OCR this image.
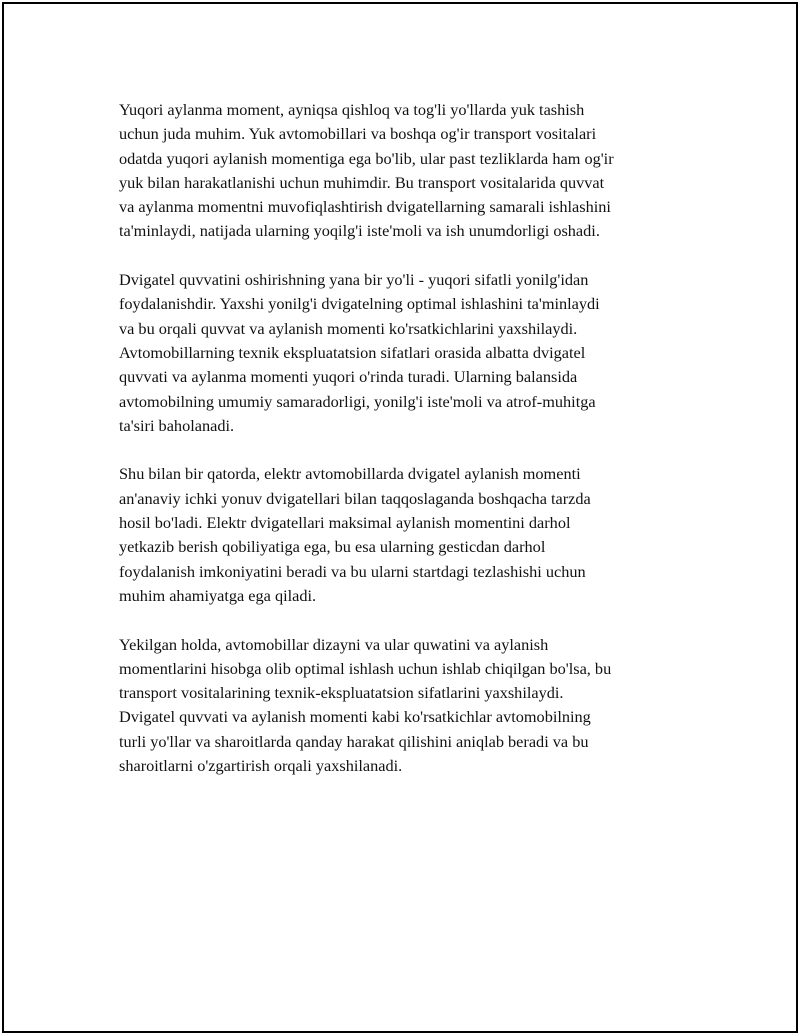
Yuqori aylanma moment, ayniqsa qishloq va tog'li yo'llarda yuk tashish
uchun juda muhim. Yuk avtomobillari va boshqa og'ir transport vositalari
odatda yuqori aylanish momentiga ega bo'lib, ular past tezliklarda ham og'ir
yuk bilan harakatlanishi uchun muhimdir. Bu transport vositalarida quvvat
va aylanma momentni muvofiqlashtirish dvigatellarning samarali ishlashini
ta'minlaydi, natijada ularning yoqilg'i iste'moli va ish unumdorligi oshadi.

Dvigatel quvvatini oshirishning yana bir yo'li - yuqori sifatli yonilg'idan
foydalanishdir. Yaxshi yonilg'i dvigatelning optimal ishlashini ta'minlaydi
va bu orqali quvvat va aylanish momenti ko'rsatkichlarini yaxshilaydi.
Avtomobillarning texnik ekspluatatsion sifatlari orasida albatta dvigatel
quvvati va aylanma momenti yuqori o'rinda turadi. Ularning balansida
avtomobilning umumiy samaradorligi, yonilg'i iste'moli va atrof-muhitga
ta'siri baholanadi.

Shu bilan bir qatorda, elektr avtomobillarda dvigatel aylanish momenti
an'anaviy ichki yonuv dvigatellari bilan taqqoslaganda boshqacha tarzda
hosil bo'ladi. Elektr dvigatellari maksimal aylanish momentini darhol
yetkazib berish qobiliyatiga ega, bu esa ularning gesticdan darhol
foydalanish imkoniyatini beradi va bu ularni startdagi tezlashishi uchun
muhim ahamiyatga ega qiladi.

Yekilgan holda, avtomobillar dizayni va ular quwatini va aylanish
momentlarini hisobga olib optimal ishlash uchun ishlab chiqilgan bo'lsa, bu
transport vositalarining texnik-ekspluatatsion sifatlarini yaxshilaydi.
Dvigatel quvvati va aylanish momenti kabi ko'rsatkichlar avtomobilning
turli yo'llar va sharoitlarda qanday harakat qilishini aniqlab beradi va bu
sharoitlarni o'zgartirish orqali yaxshilanadi.
